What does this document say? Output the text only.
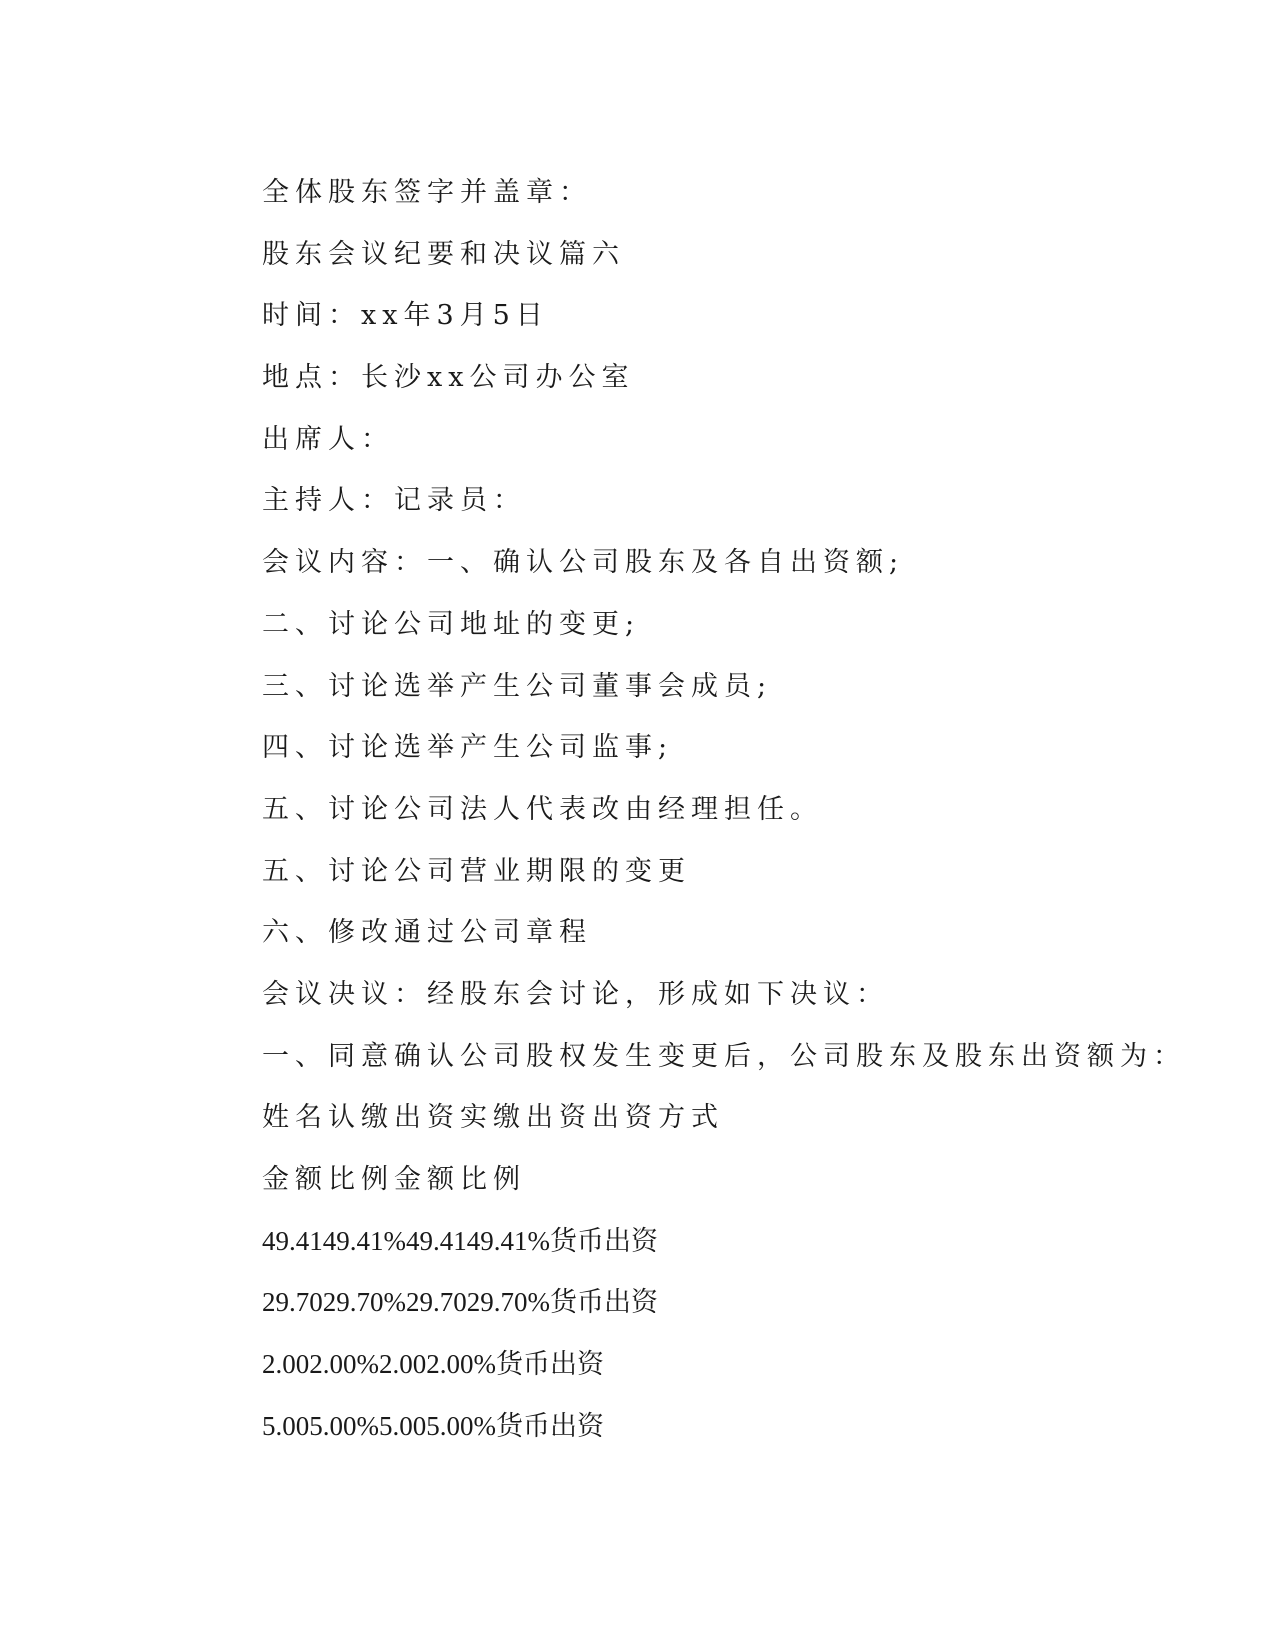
全体股东签字并盖章：

股东会议纪要和决议篇六

时间：xx年3月5日

地点：长沙xx公司办公室

出席人：

主持人：记录员：

会议内容：一、确认公司股东及各自出资额;

二、讨论公司地址的变更;

三、讨论选举产生公司董事会成员;

四、讨论选举产生公司监事;

五、讨论公司法人代表改由经理担任。

五、讨论公司营业期限的变更

六、修改通过公司章程

会议决议：经股东会讨论，形成如下决议：

一、同意确认公司股权发生变更后，公司股东及股东出资额为：

姓名认缴出资实缴出资出资方式

金额比例金额比例

49.4149.41%49.4149.41%货币出资

29.7029.70%29.7029.70%货币出资

2.002.00%2.002.00%货币出资

5.005.00%5.005.00%货币出资
